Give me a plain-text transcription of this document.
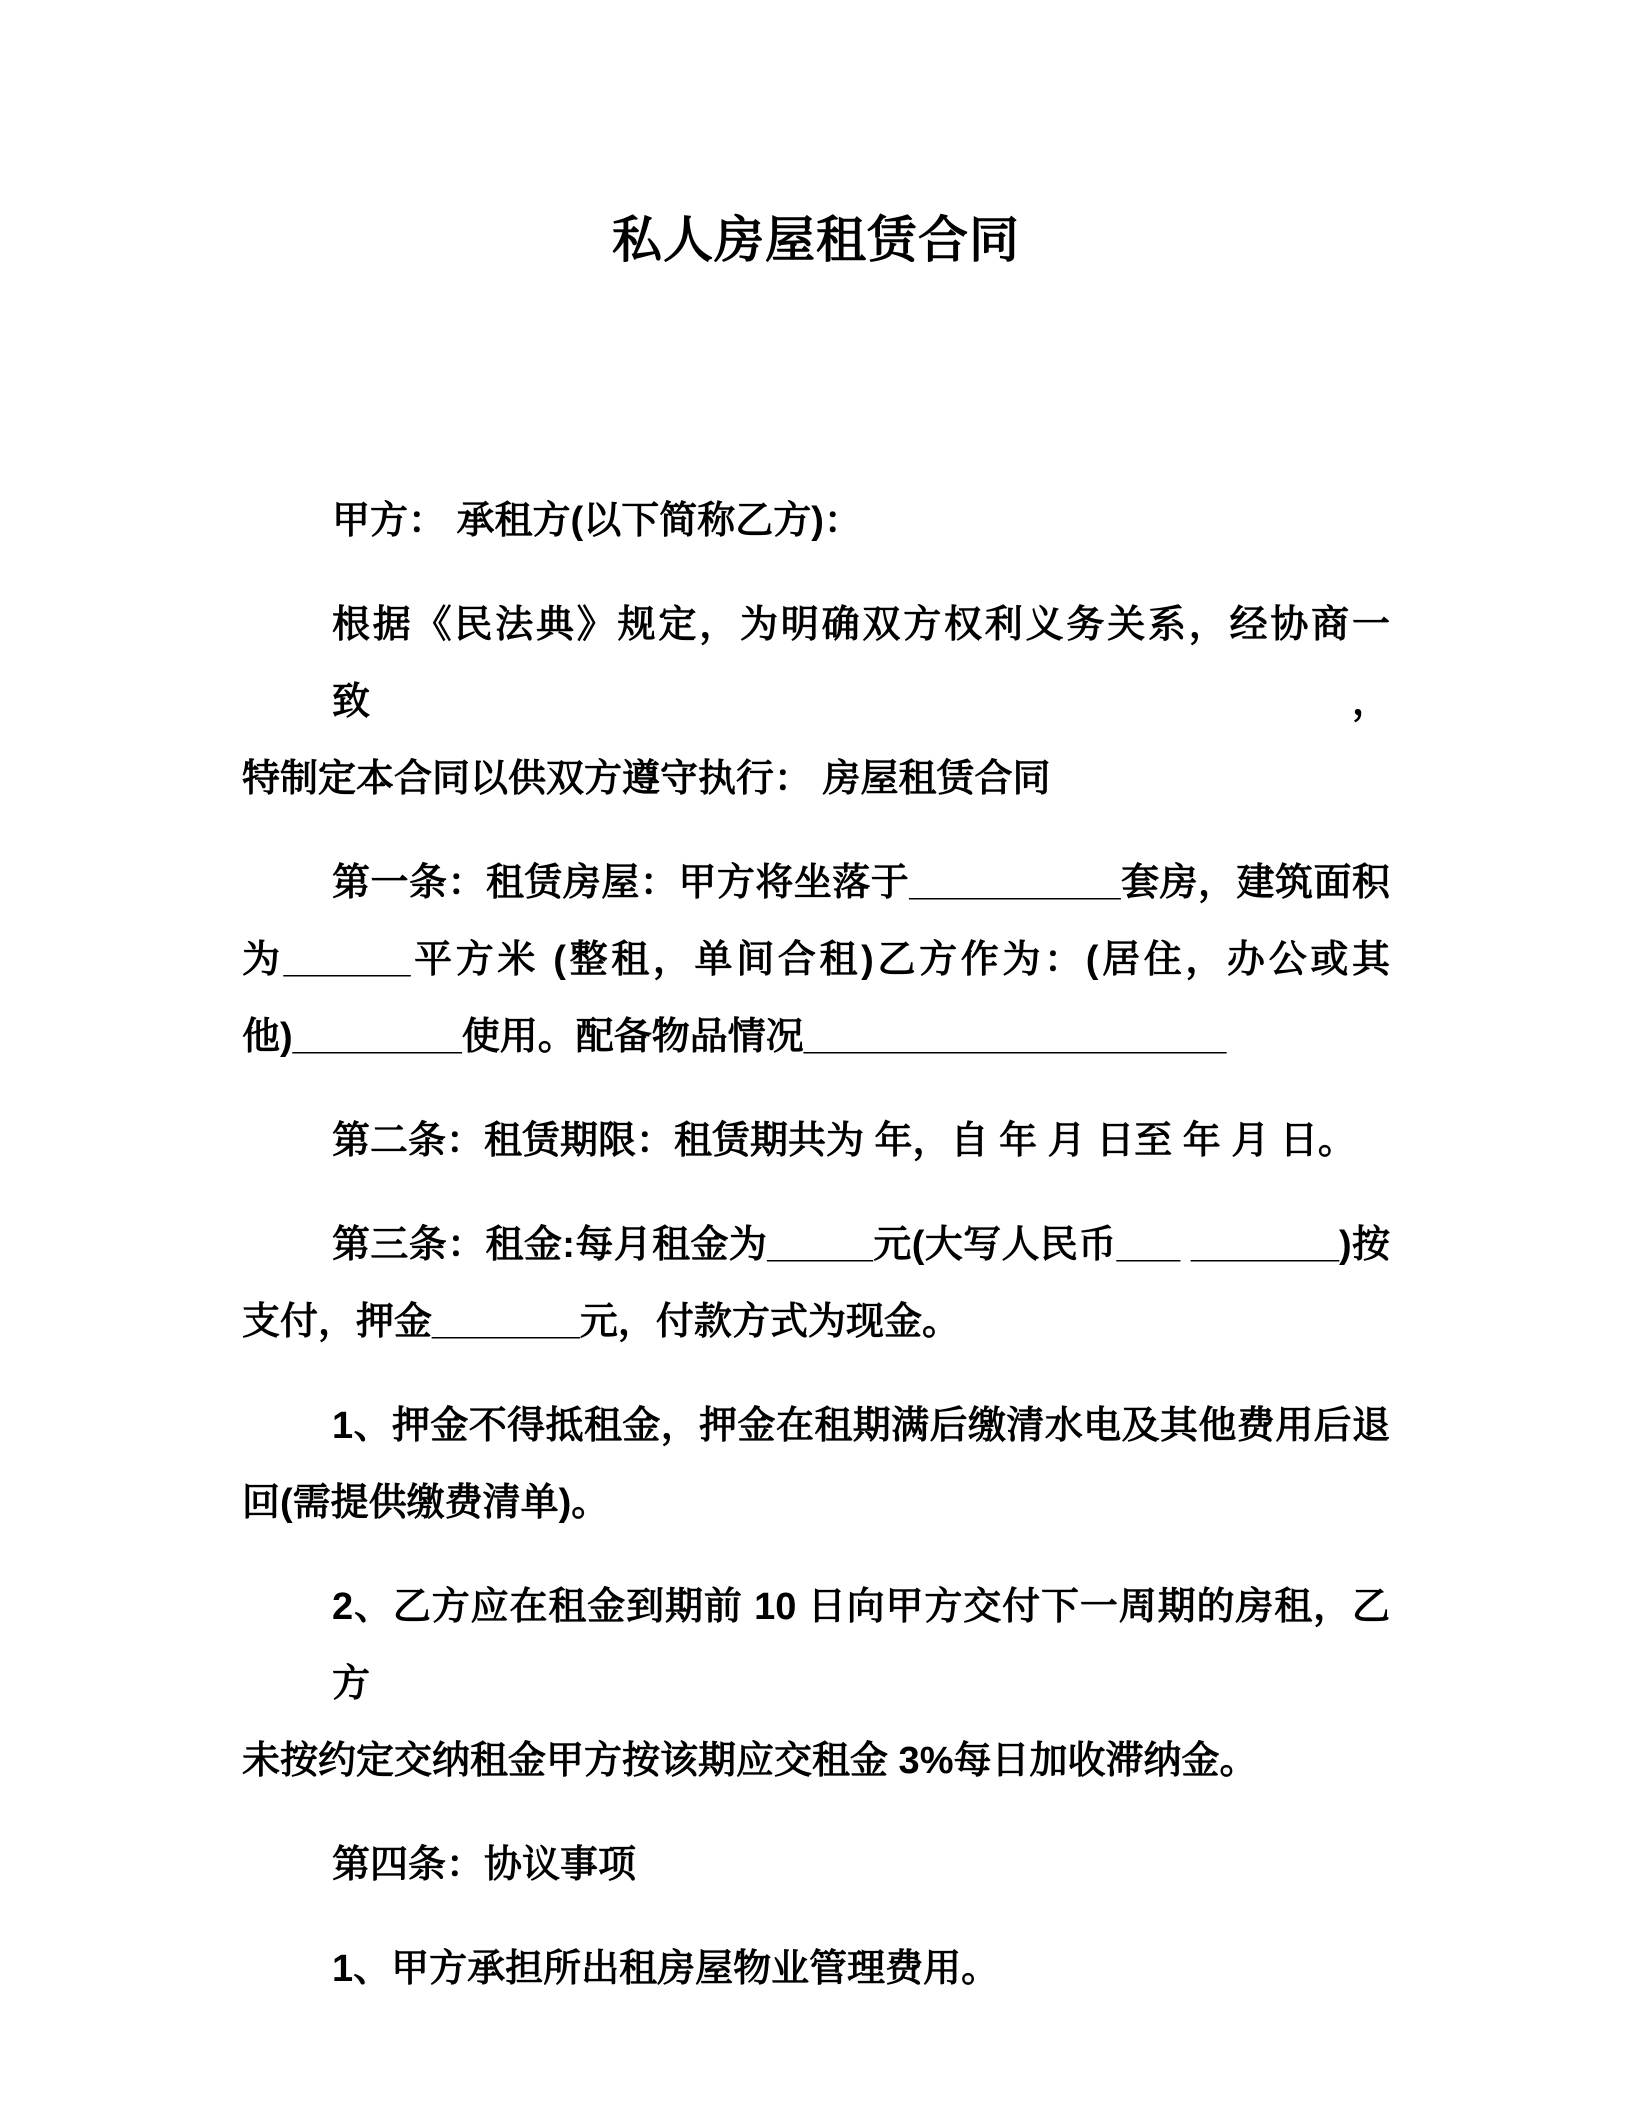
私人房屋租赁合同
甲方： 承租方(以下简称乙方)：
根据《民法典》规定，为明确双方权利义务关系，经协商一致，
特制定本合同以供双方遵守执行： 房屋租赁合同
第一条：租赁房屋：甲方将坐落于__________套房，建筑面积
为______平方米 (整租，单间合租)乙方作为：(居住，办公或其
他)________使用。配备物品情况____________________
第二条：租赁期限：租赁期共为 年，自 年 月 日至 年 月 日。
第三条：租金:每月租金为_____元(大写人民币___ _______)按
支付，押金_______元，付款方式为现金。
1、押金不得抵租金，押金在租期满后缴清水电及其他费用后退
回(需提供缴费清单)。
2、乙方应在租金到期前 10 日向甲方交付下一周期的房租，乙方
未按约定交纳租金甲方按该期应交租金 3%每日加收滞纳金。
第四条：协议事项
1、甲方承担所出租房屋物业管理费用。
